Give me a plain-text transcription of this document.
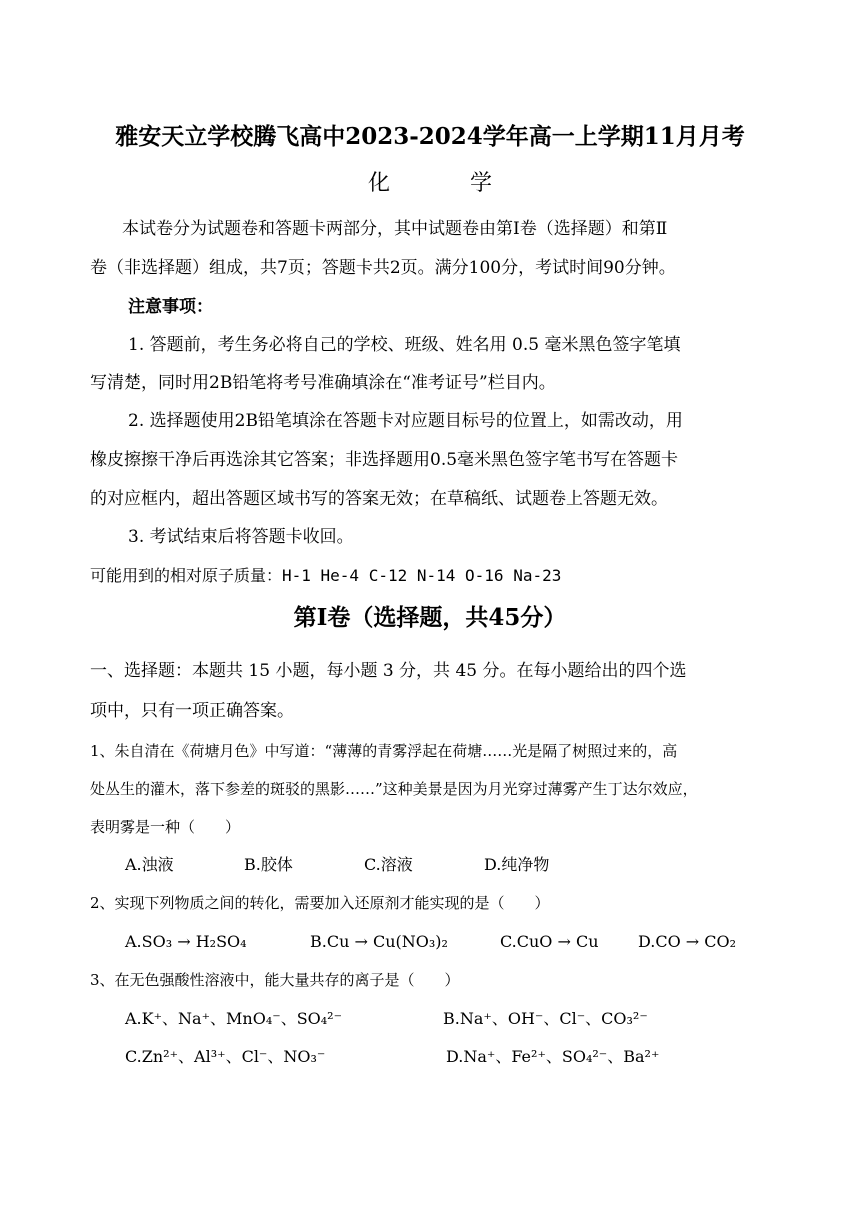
雅安天立学校腾飞高中2023-2024学年高一上学期11月月考
化	学
本试卷分为试题卷和答题卡两部分，其中试题卷由第Ⅰ卷（选择题）和第Ⅱ
卷（非选择题）组成，共7页；答题卡共2页。满分100分，考试时间90分钟。
注意事项：
1. 答题前，考生务必将自己的学校、班级、姓名用 0.5 毫米黑色签字笔填
写清楚，同时用2B铅笔将考号准确填涂在“准考证号”栏目内。
2. 选择题使用2B铅笔填涂在答题卡对应题目标号的位置上，如需改动，用
橡皮擦擦干净后再选涂其它答案；非选择题用0.5毫米黑色签字笔书写在答题卡
的对应框内，超出答题区域书写的答案无效；在草稿纸、试题卷上答题无效。
3. 考试结束后将答题卡收回。
可能用到的相对原子质量：H-1 He-4 C-12 N-14 O-16 Na-23
第Ⅰ卷（选择题，共45分）
一、选择题：本题共 15 小题，每小题 3 分，共 45 分。在每小题给出的四个选
项中，只有一项正确答案。
1、朱自清在《荷塘月色》中写道：“薄薄的青雾浮起在荷塘……光是隔了树照过来的，高
处丛生的灌木，落下参差的斑驳的黑影……”这种美景是因为月光穿过薄雾产生丁达尔效应，
表明雾是一种（　　）
A.浊液	B.胶体	C.溶液	D.纯净物
2、实现下列物质之间的转化，需要加入还原剂才能实现的是（　　）
A.SO₃ → H₂SO₄	B.Cu → Cu(NO₃)₂	C.CuO → Cu D.CO → CO₂
3、在无色强酸性溶液中，能大量共存的离子是（　　）
A.K⁺、Na⁺、MnO₄⁻、SO₄²⁻	B.Na⁺、OH⁻、Cl⁻、CO₃²⁻
C.Zn²⁺、Al³⁺、Cl⁻、NO₃⁻	D.Na⁺、Fe²⁺、SO₄²⁻、Ba²⁺
